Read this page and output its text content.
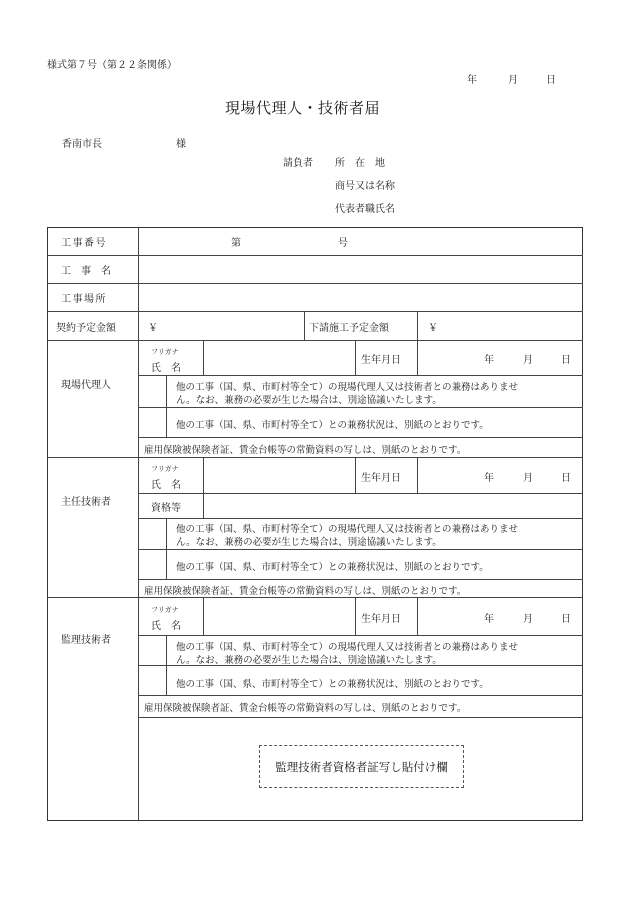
様式第７号（第２２条関係）
年	月	日
現場代理人・技術者届
香南市長	様
請負者 所　在　地
商号又は名称
代表者職氏名
工事番号	第	号
工　事　名
工事場所
契約予定金額	￥	下請施工予定金額	￥
現場代理人
フリガナ
氏　名
生年月日	年	月	日
他の工事（国、県、市町村等全て）の現場代理人又は技術者との兼務はありませ
ん。なお、兼務の必要が生じた場合は、別途協議いたします。
他の工事（国、県、市町村等全て）との兼務状況は、別紙のとおりです。
雇用保険被保険者証、賃金台帳等の常勤資料の写しは、別紙のとおりです。
主任技術者
フリガナ
氏　名
生年月日	年	月	日
資格等
他の工事（国、県、市町村等全て）の現場代理人又は技術者との兼務はありませ
ん。なお、兼務の必要が生じた場合は、別途協議いたします。
他の工事（国、県、市町村等全て）との兼務状況は、別紙のとおりです。
雇用保険被保険者証、賃金台帳等の常勤資料の写しは、別紙のとおりです。
監理技術者
フリガナ
氏　名
生年月日	年	月	日
他の工事（国、県、市町村等全て）の現場代理人又は技術者との兼務はありませ
ん。なお、兼務の必要が生じた場合は、別途協議いたします。
他の工事（国、県、市町村等全て）との兼務状況は、別紙のとおりです。
雇用保険被保険者証、賃金台帳等の常勤資料の写しは、別紙のとおりです。
監理技術者資格者証写し貼付け欄
